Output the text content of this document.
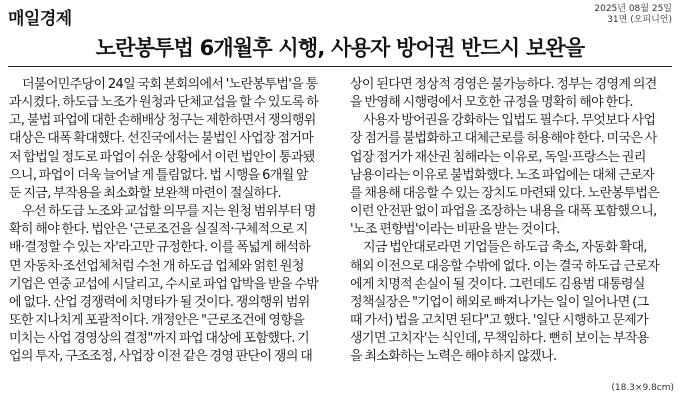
매일경제	2025년 08월 25일
31면 (오피니언)
노란봉투법 6개월후 시행, 사용자 방어권 반드시 보완을
더불어민주당이 24일 국회 본회의에서 '노란봉투법'을 통
과시켰다. 하도급 노조가 원청과 단체교섭을 할 수 있도록 하
고, 불법 파업에 대한 손해배상 청구는 제한하면서 쟁의행위
대상은 대폭 확대했다. 선진국에서는 불법인 사업장 점거마
저 합법일 정도로 파업이 쉬운 상황에서 이런 법안이 통과됐
으니, 파업이 더욱 늘어날 게 틀림없다. 법 시행을 6개월 앞
둔 지금, 부작용을 최소화할 보완책 마련이 절실하다.
우선 하도급 노조와 교섭할 의무를 지는 원청 범위부터 명
확히 해야 한다. 법안은 '근로조건을 실질적·구체적으로 지
배·결정할 수 있는 자'라고만 규정한다. 이를 폭넓게 해석하
면 자동차·조선업체처럼 수천 개 하도급 업체와 얽힌 원청
기업은 연중 교섭에 시달리고, 수시로 파업 압박을 받을 수밖
에 없다. 산업 경쟁력에 치명타가 될 것이다. 쟁의행위 범위
또한 지나치게 포괄적이다. 개정안은 "근로조건에 영향을
미치는 사업 경영상의 결정"까지 파업 대상에 포함했다. 기
업의 투자, 구조조정, 사업장 이전 같은 경영 판단이 쟁의 대
상이 된다면 정상적 경영은 불가능하다. 정부는 경영계 의견
을 반영해 시행령에서 모호한 규정을 명확히 해야 한다.
사용자 방어권을 강화하는 입법도 필수다. 무엇보다 사업
장 점거를 불법화하고 대체근로를 허용해야 한다. 미국은 사
업장 점거가 재산권 침해라는 이유로, 독일·프랑스는 권리
남용이라는 이유로 불법화했다. 노조 파업에는 대체 근로자
를 채용해 대응할 수 있는 장치도 마련돼 있다. 노란봉투법은
이런 안전판 없이 파업을 조장하는 내용을 대폭 포함했으니,
'노조 편향법'이라는 비판을 받는 것이다.
지금 법안대로라면 기업들은 하도급 축소, 자동화 확대,
해외 이전으로 대응할 수밖에 없다. 이는 결국 하도급 근로자
에게 치명적 손실이 될 것이다. 그런데도 김용범 대통령실
정책실장은 "기업이 해외로 빠져나가는 일이 일어나면 (그
때 가서) 법을 고치면 된다"고 했다. '일단 시행하고 문제가
생기면 고치자'는 식인데, 무책임하다. 뻔히 보이는 부작용
을 최소화하는 노력은 해야 하지 않겠나.
(18.3×9.8cm)
